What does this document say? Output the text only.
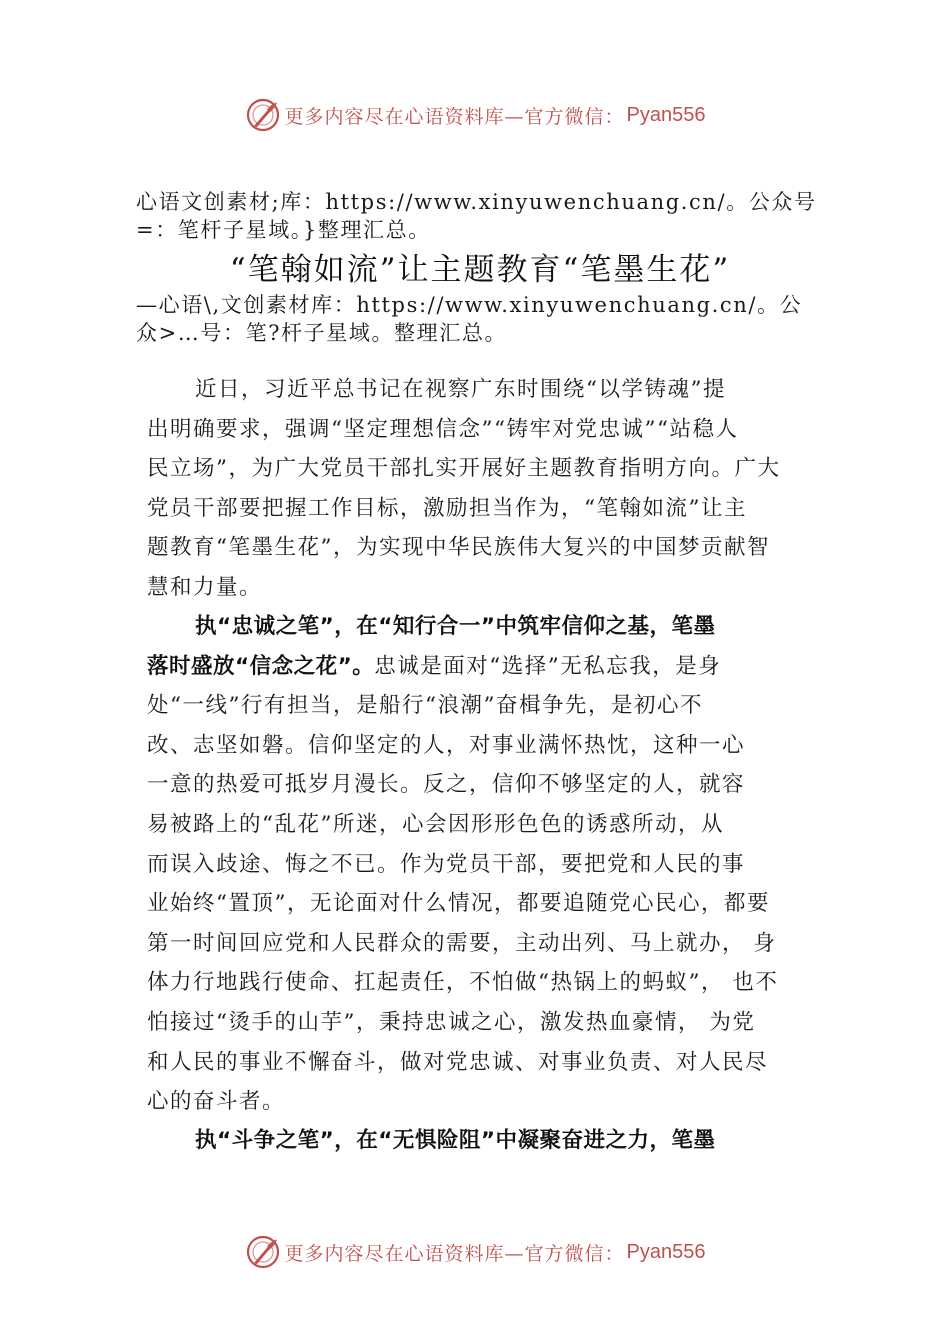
更多内容尽在心语资料库—官方微信： Pyan556
心语文创素材;库：https://www.xinyuwenchuang.cn/。公众号
=：笔杆子星域。}整理汇总。
“笔翰如流”让主题教育“笔墨生花”
—心语\,文创素材库：https://www.xinyuwenchuang.cn/。公
众>…号：笔?杆子星域。整理汇总。
近日，习近平总书记在视察广东时围绕“以学铸魂”提
出明确要求，强调“坚定理想信念”“铸牢对党忠诚”“站稳人
民立场”，为广大党员干部扎实开展好主题教育指明方向。广大
党员干部要把握工作目标，激励担当作为，“笔翰如流”让主
题教育“笔墨生花”，为实现中华民族伟大复兴的中国梦贡献智
慧和力量。
执“忠诚之笔”，在“知行合一”中筑牢信仰之基，笔墨
落时盛放“信念之花”。忠诚是面对“选择”无私忘我，是身
处“一线”行有担当，是船行“浪潮”奋楫争先，是初心不
改、志坚如磐。信仰坚定的人，对事业满怀热忱，这种一心
一意的热爱可抵岁月漫长。反之，信仰不够坚定的人，就容
易被路上的“乱花”所迷，心会因形形色色的诱惑所动，从
而误入歧途、悔之不已。作为党员干部，要把党和人民的事
业始终“置顶”，无论面对什么情况，都要追随党心民心，都要
第一时间回应党和人民群众的需要，主动出列、马上就办， 身
体力行地践行使命、扛起责任，不怕做“热锅上的蚂蚁”， 也不
怕接过“烫手的山芋”，秉持忠诚之心，激发热血豪情， 为党
和人民的事业不懈奋斗，做对党忠诚、对事业负责、对人民尽
心的奋斗者。
执“斗争之笔”，在“无惧险阻”中凝聚奋进之力，笔墨
更多内容尽在心语资料库—官方微信： Pyan556
